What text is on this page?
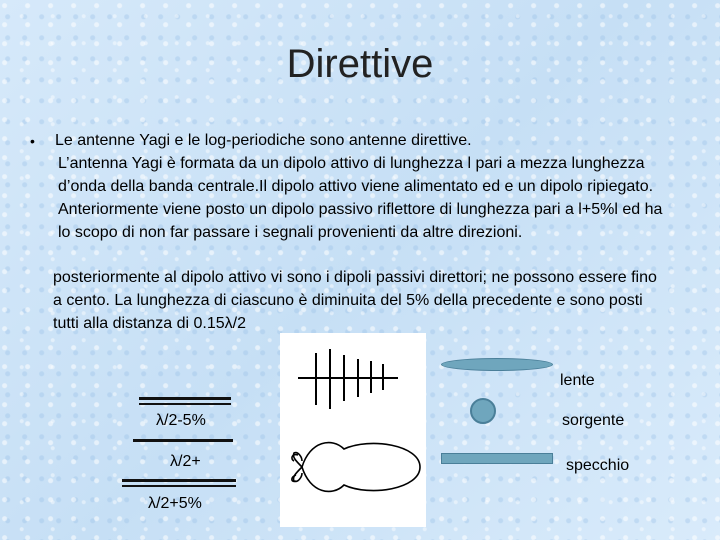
Direttive
• Le antenne Yagi e le log-periodiche sono antenne direttive.
L’antenna Yagi è formata da un dipolo attivo di lunghezza l pari a mezza lunghezza d’onda della banda centrale.Il dipolo attivo viene alimentato ed e un dipolo ripiegato. Anteriormente viene posto un dipolo passivo riflettore di lunghezza pari a l+5%l ed ha lo scopo di non far passare i segnali provenienti da altre direzioni.
posteriormente al dipolo attivo vi sono i dipoli passivi direttori; ne possono essere fino a cento. La lunghezza di ciascuno è diminuita del 5% della precedente e sono posti tutti alla distanza di 0.15λ/2
λ/2-5%
λ/2+
λ/2+5%
lente
sorgente
specchio
